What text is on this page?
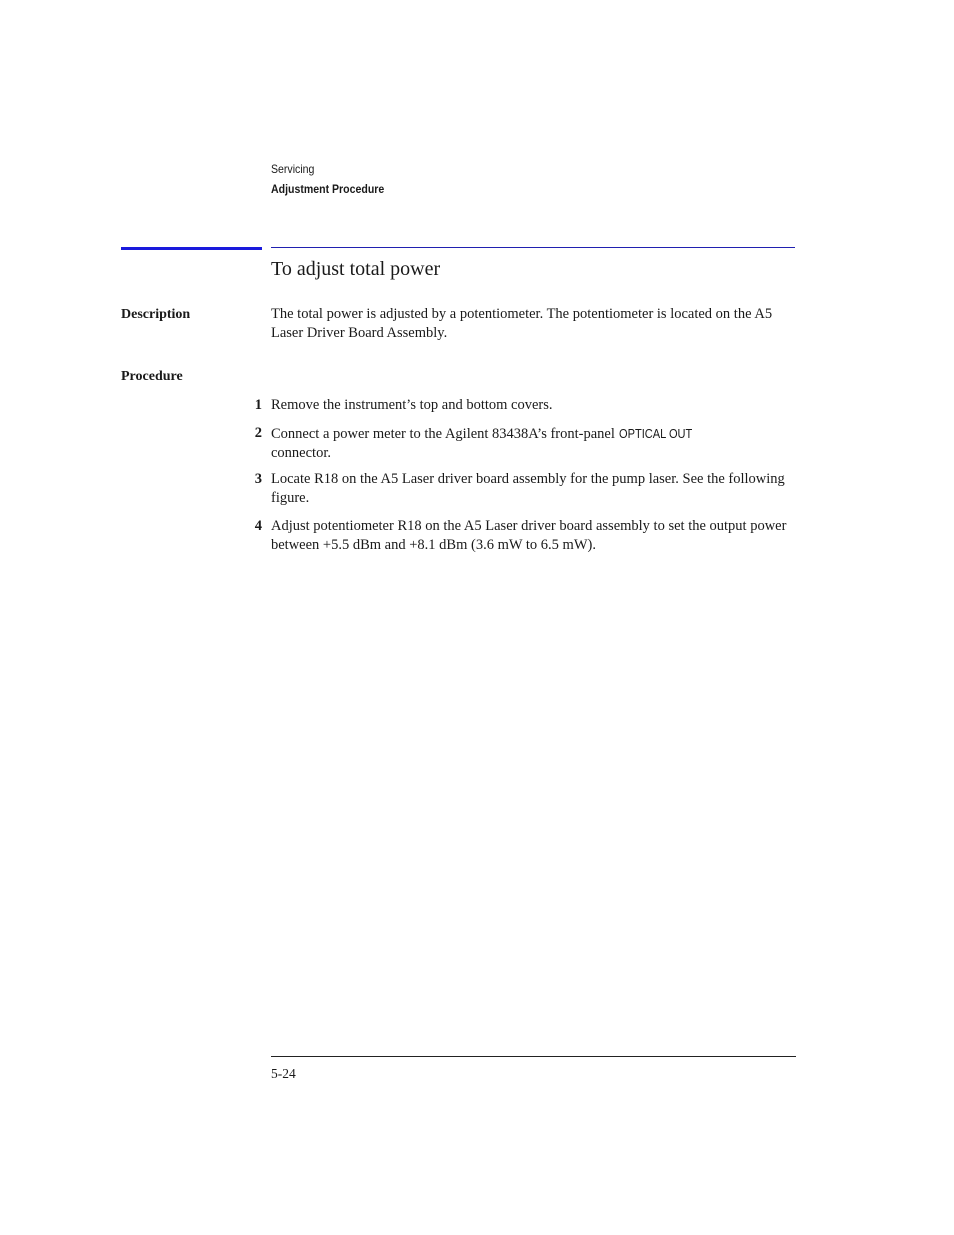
Servicing
Adjustment Procedure
To adjust total power
Description	The total power is adjusted by a potentiometer. The potentiometer is located on the A5 Laser Driver Board Assembly.
Procedure
1 Remove the instrument’s top and bottom covers.
2 Connect a power meter to the Agilent 83438A’s front-panel OPTICAL OUT
connector.
3 Locate R18 on the A5 Laser driver board assembly for the pump laser. See the following figure.
4 Adjust potentiometer R18 on the A5 Laser driver board assembly to set the output power between +5.5 dBm and +8.1 dBm (3.6 mW to 6.5 mW).
5-24
